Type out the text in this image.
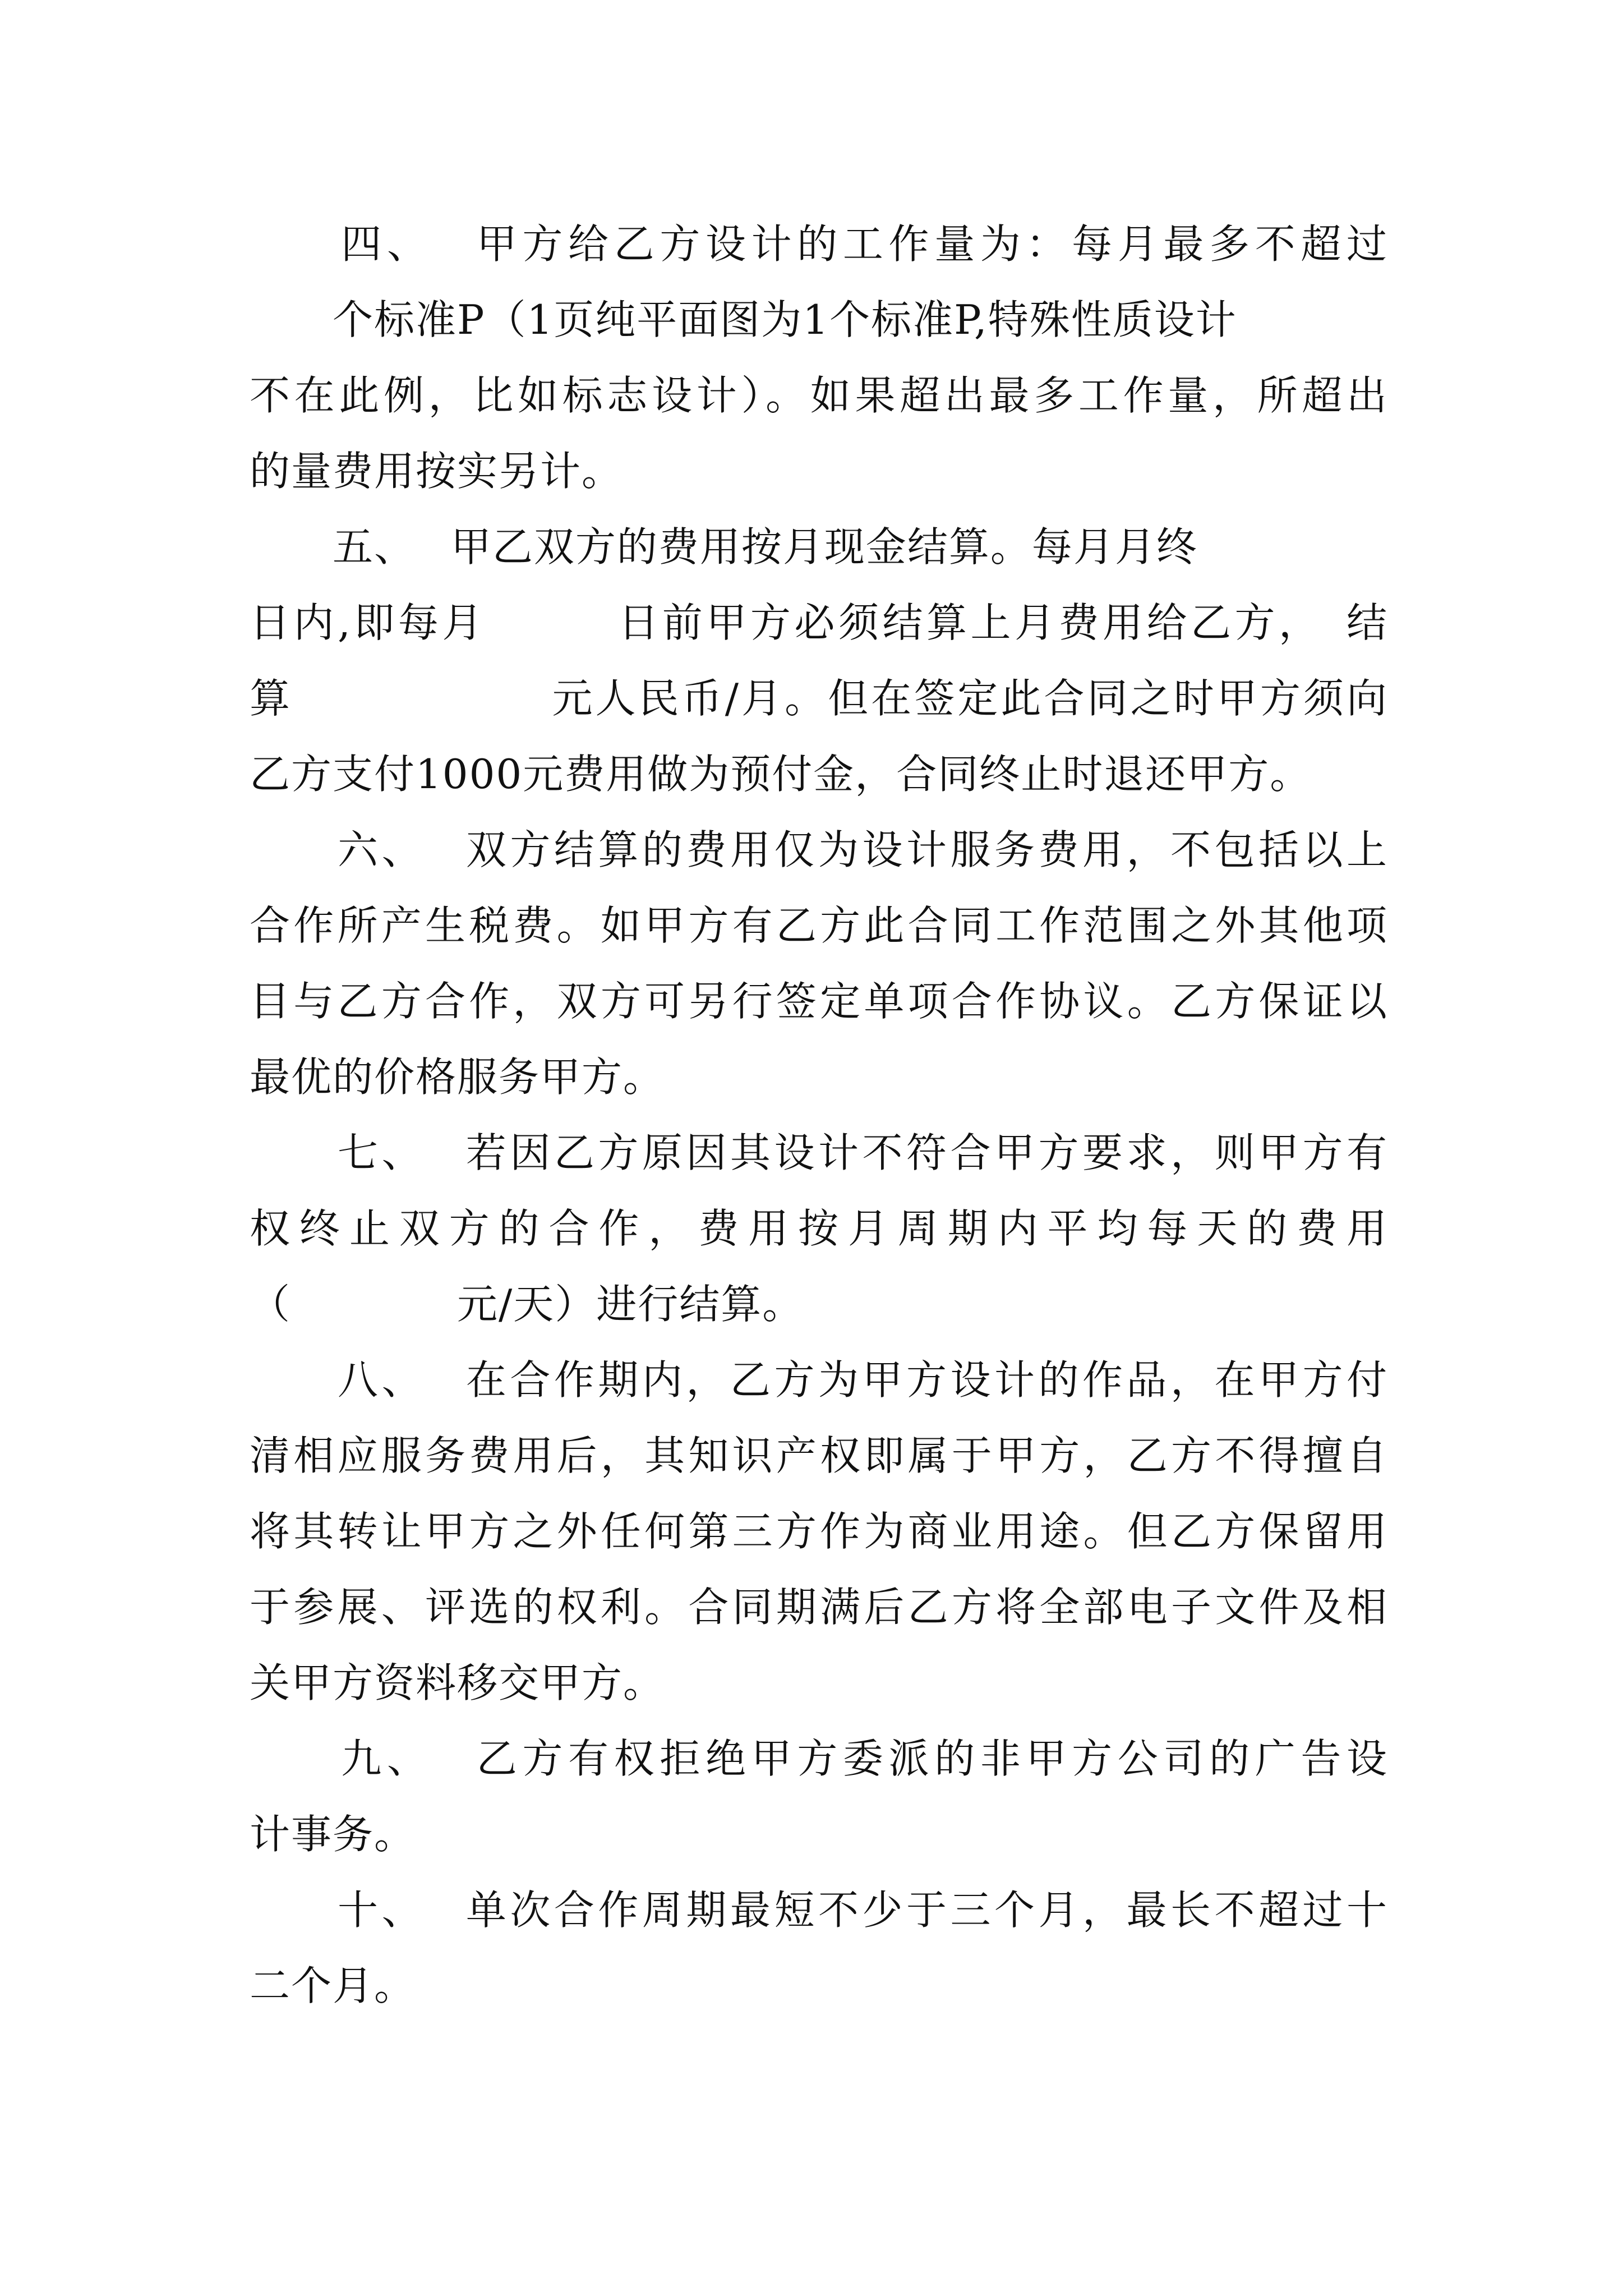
　　四、　 甲方给乙方设计的工作量为：每月最多不超过
　　个标准P（1页纯平面图为1个标准P,特殊性质设计
不在此例，比如标志设计）。如果超出最多工作量，所超出
的量费用按实另计。
　　五、　 甲乙双方的费用按月现金结算。每月月终
日内,即每月　　　日前甲方必须结算上月费用给乙方，　结
算　　　　　　元人民币/月。但在签定此合同之时甲方须向
乙方支付1000元费用做为预付金，合同终止时退还甲方。
　　六、　 双方结算的费用仅为设计服务费用，不包括以上
合作所产生税费。如甲方有乙方此合同工作范围之外其他项
目与乙方合作，双方可另行签定单项合作协议。乙方保证以
最优的价格服务甲方。
　　七、　 若因乙方原因其设计不符合甲方要求，则甲方有
权终止双方的合作，费用按月周期内平均每天的费用
（　　　　元/天）进行结算。
　　八、　 在合作期内，乙方为甲方设计的作品，在甲方付
清相应服务费用后，其知识产权即属于甲方，乙方不得擅自
将其转让甲方之外任何第三方作为商业用途。但乙方保留用
于参展、评选的权利。合同期满后乙方将全部电子文件及相
关甲方资料移交甲方。
　　九、　 乙方有权拒绝甲方委派的非甲方公司的广告设
计事务。
　　十、　 单次合作周期最短不少于三个月，最长不超过十
二个月。
